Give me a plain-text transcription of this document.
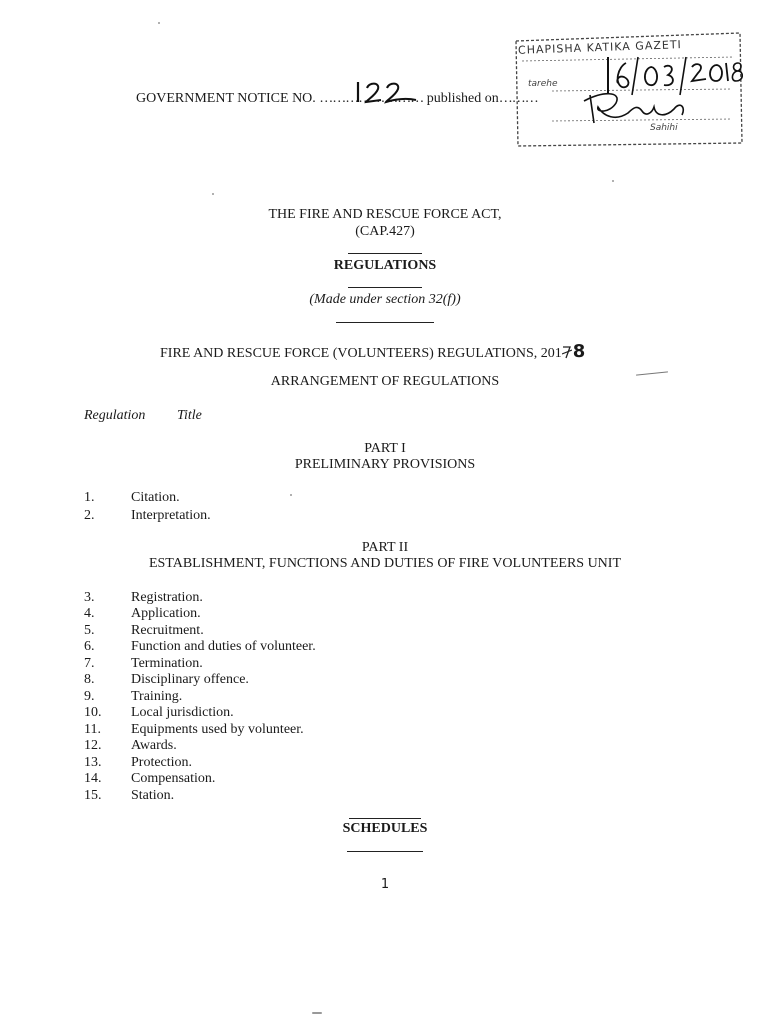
GOVERNMENT NOTICE NO. …………………… published on………
CHAPISHA KATIKA GAZETI
tarehe
Sahihi
THE FIRE AND RESCUE FORCE ACT,
(CAP.427)
REGULATIONS
(Made under section 32(f))
FIRE AND RESCUE FORCE (VOLUNTEERS) REGULATIONS, 201 8
ARRANGEMENT OF REGULATIONS
Regulation Title
PART I
PRELIMINARY PROVISIONS
1.	Citation.
2.	Interpretation.
PART II
ESTABLISHMENT, FUNCTIONS AND DUTIES OF FIRE VOLUNTEERS UNIT
3.	Registration.
4.	Application.
5.	Recruitment.
6.	Function and duties of volunteer.
7.	Termination.
8.	Disciplinary offence.
9.	Training.
10.	Local jurisdiction.
11.	Equipments used by volunteer.
12.	Awards.
13.	Protection.
14.	Compensation.
15.	Station.
SCHEDULES
1
